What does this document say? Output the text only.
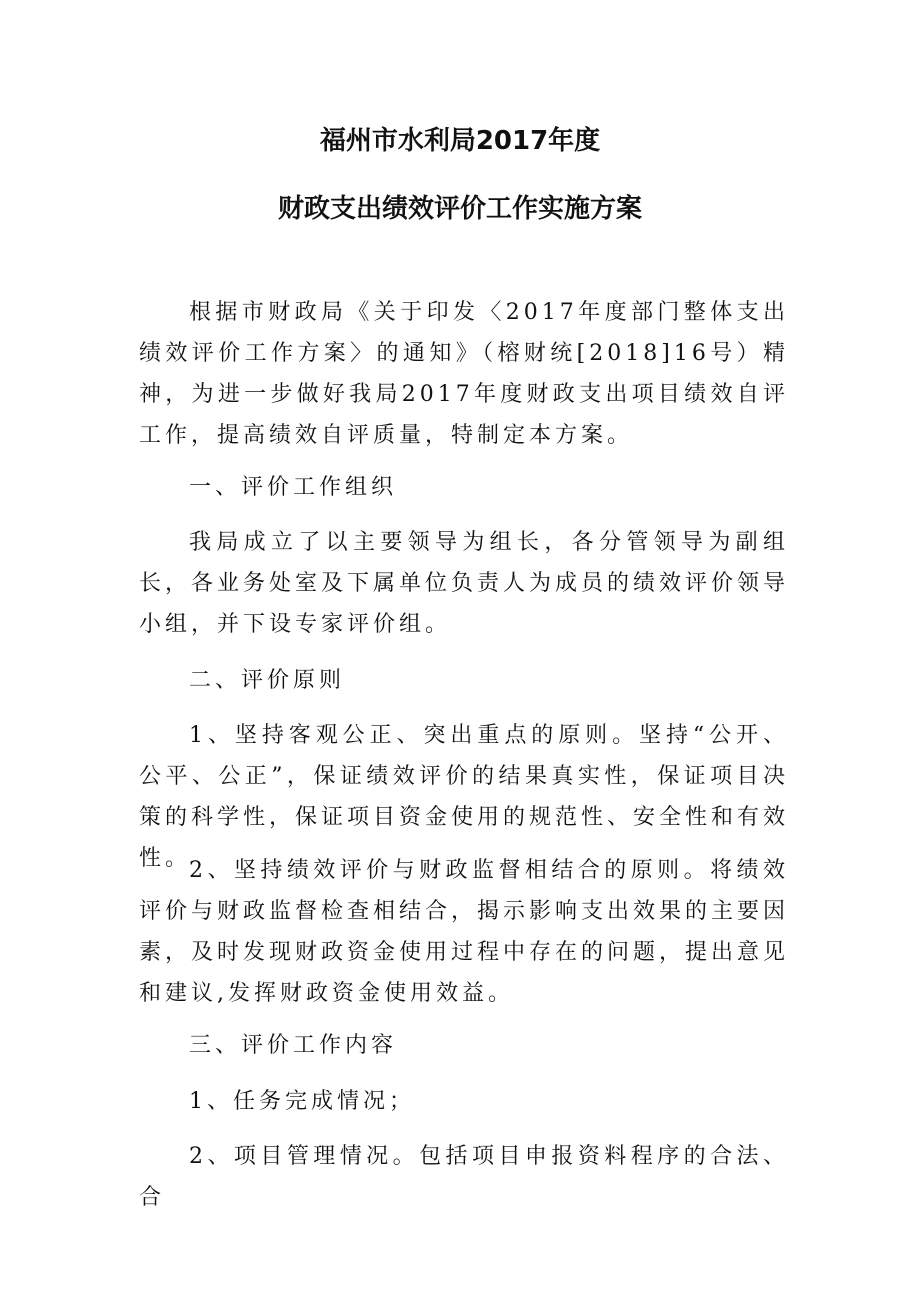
福州市水利局2017年度
财政支出绩效评价工作实施方案

根据市财政局《关于印发〈2017年度部门整体支出绩效评价工作方案〉的通知》（榕财统[2018]16号）精神，为进一步做好我局2017年度财政支出项目绩效自评工作，提高绩效自评质量，特制定本方案。

一、评价工作组织

我局成立了以主要领导为组长，各分管领导为副组长，各业务处室及下属单位负责人为成员的绩效评价领导小组，并下设专家评价组。

二、评价原则

1、坚持客观公正、突出重点的原则。坚持“公开、公平、公正”，保证绩效评价的结果真实性，保证项目决策的科学性，保证项目资金使用的规范性、安全性和有效性。

2、坚持绩效评价与财政监督相结合的原则。将绩效评价与财政监督检查相结合，揭示影响支出效果的主要因素，及时发现财政资金使用过程中存在的问题，提出意见和建议,发挥财政资金使用效益。

三、评价工作内容

1、任务完成情况；

2、项目管理情况。包括项目申报资料程序的合法、合
